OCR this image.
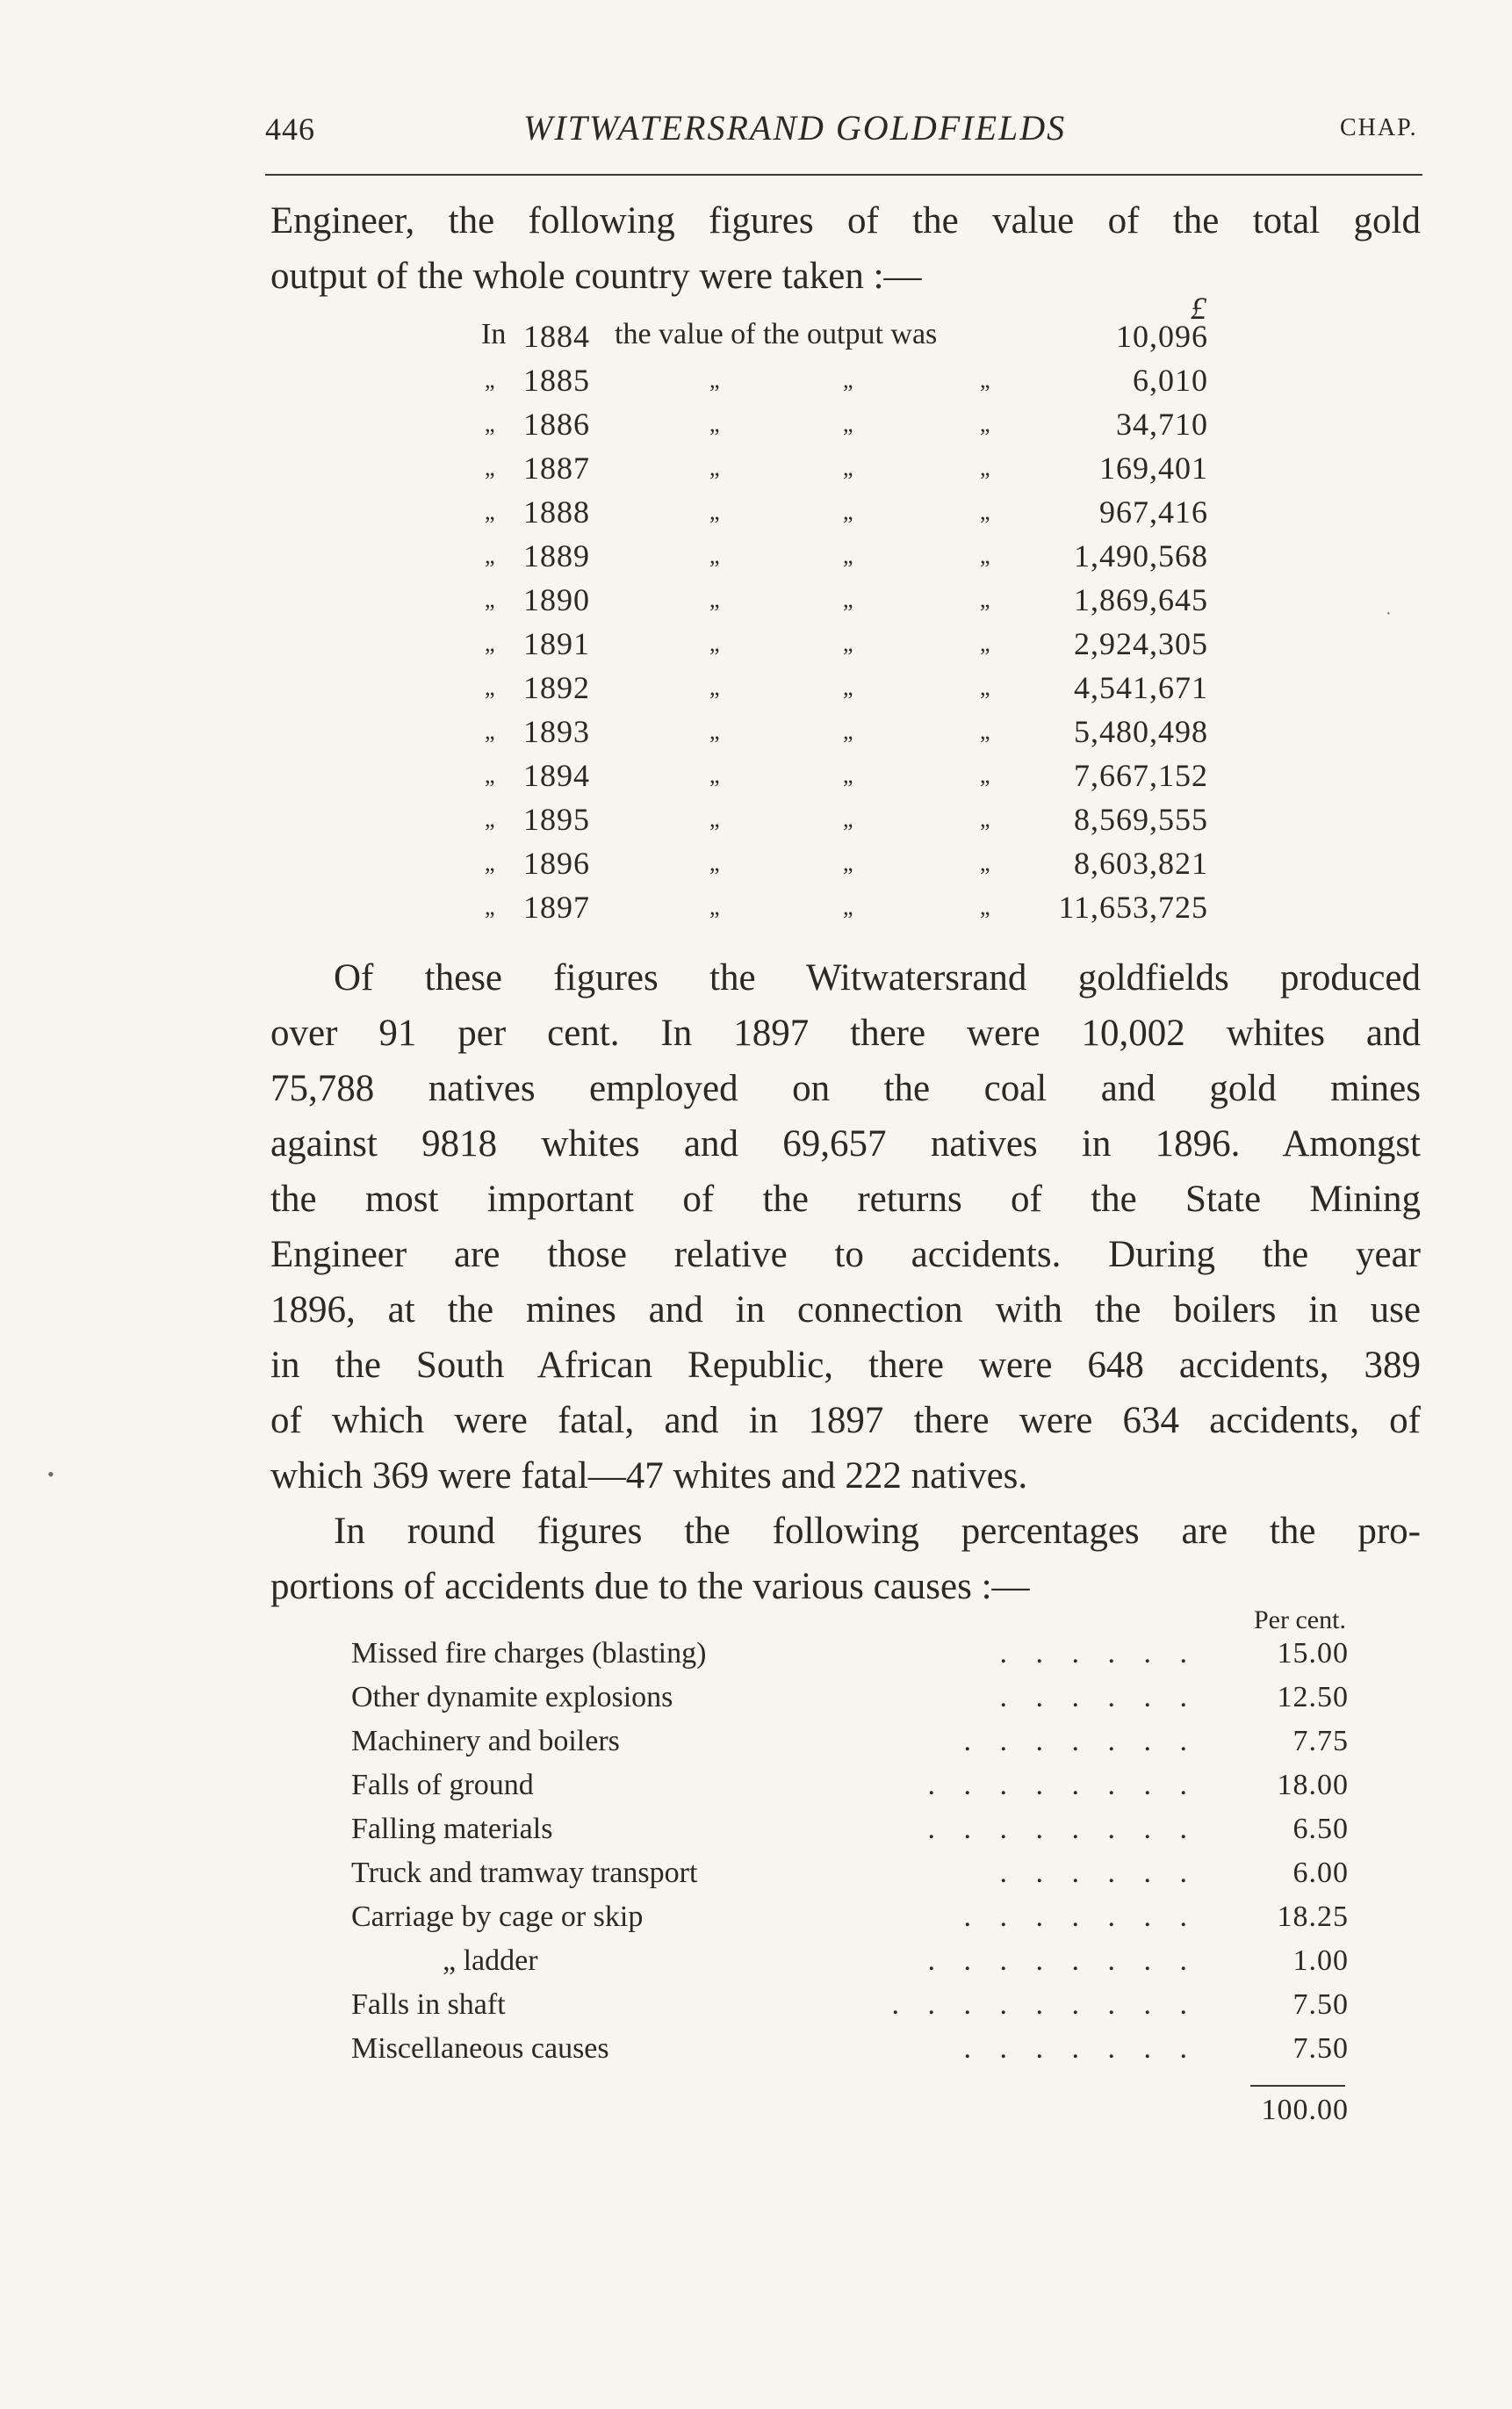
446	WITWATERSRAND GOLDFIELDS	CHAP.
Engineer, the following figures of the value of the total gold
output of the whole country were taken :—
£
In 1884 the value of the output was	10,096
„ 1885	„	„	„	6,010
„ 1886	„	„	„	34,710
„ 1887	„	„	„	169,401
„ 1888	„	„	„	967,416
„ 1889	„	„	„	1,490,568
„ 1890	„	„	„	1,869,645
„ 1891	„	„	„	2,924,305
„ 1892	„	„	„	4,541,671
„ 1893	„	„	„	5,480,498
„ 1894	„	„	„	7,667,152
„ 1895	„	„	„	8,569,555
„ 1896	„	„	„	8,603,821
„ 1897	„	„	„ 11,653,725
Of these figures the Witwatersrand goldfields produced
over 91 per cent. In 1897 there were 10,002 whites and
75,788 natives employed on the coal and gold mines
against 9818 whites and 69,657 natives in 1896. Amongst
the most important of the returns of the State Mining
Engineer are those relative to accidents. During the year
1896, at the mines and in connection with the boilers in use
in the South African Republic, there were 648 accidents, 389
of which were fatal, and in 1897 there were 634 accidents, of
which 369 were fatal—47 whites and 222 natives.
In round figures the following percentages are the pro-
portions of accidents due to the various causes :—
Per cent.
Missed fire charges (blasting)	. . . . . .	15.00
Other dynamite explosions	. . . . . .	12.50
Machinery and boilers	. . . . . . .	7.75
Falls of ground	. . . . . . . .	18.00
Falling materials	. . . . . . . .	6.50
Truck and tramway transport	. . . . . .	6.00
Carriage by cage or skip	. . . . . . .	18.25
„ ladder	. . . . . . . .	1.00
Falls in shaft	. . . . . . . . .	7.50
Miscellaneous causes	. . . . . . .	7.50
100.00
·
•
